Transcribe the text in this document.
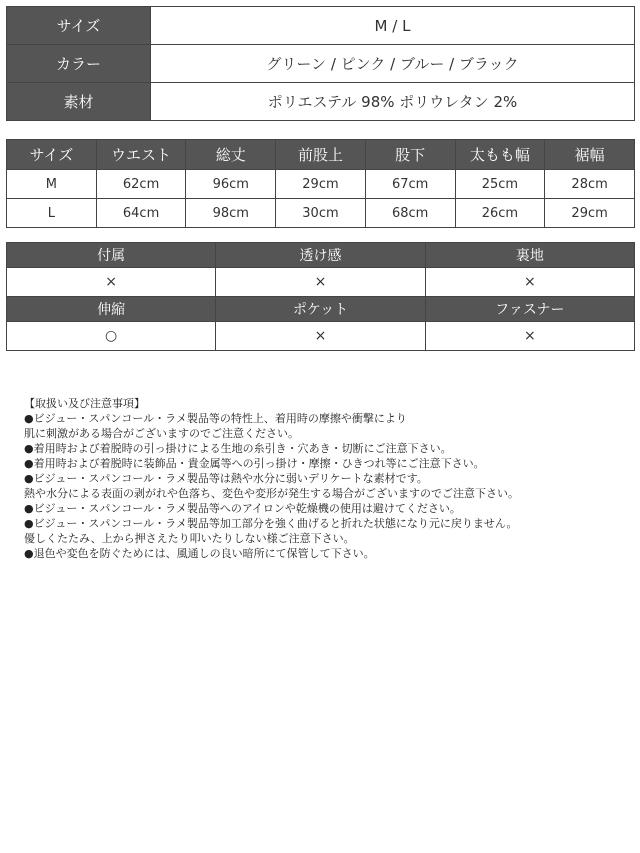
サイズ	M / L
カラー	グリーン / ピンク / ブルー / ブラック
素材	ポリエステル 98% ポリウレタン 2%
サイズ	ウエスト	総丈	前股上	股下	太もも幅	裾幅
M	62cm	96cm	29cm	67cm	25cm	28cm
L	64cm	98cm	30cm	68cm	26cm	29cm
付属	透け感	裏地
×	×	×
伸縮	ポケット	ファスナー
○	×	×
【取扱い及び注意事項】
●ビジュー・スパンコール・ラメ製品等の特性上、着用時の摩擦や衝撃により
肌に刺激がある場合がございますのでご注意ください。
●着用時および着脱時の引っ掛けによる生地の糸引き・穴あき・切断にご注意下さい。
●着用時および着脱時に装飾品・貴金属等への引っ掛け・摩擦・ひきつれ等にご注意下さい。
●ビジュー・スパンコール・ラメ製品等は熱や水分に弱いデリケートな素材です。
熱や水分による表面の剥がれや色落ち、変色や変形が発生する場合がございますのでご注意下さい。
●ビジュー・スパンコール・ラメ製品等へのアイロンや乾燥機の使用は避けてください。
●ビジュー・スパンコール・ラメ製品等加工部分を強く曲げると折れた状態になり元に戻りません。
優しくたたみ、上から押さえたり叩いたりしない様ご注意下さい。
●退色や変色を防ぐためには、風通しの良い暗所にて保管して下さい。
